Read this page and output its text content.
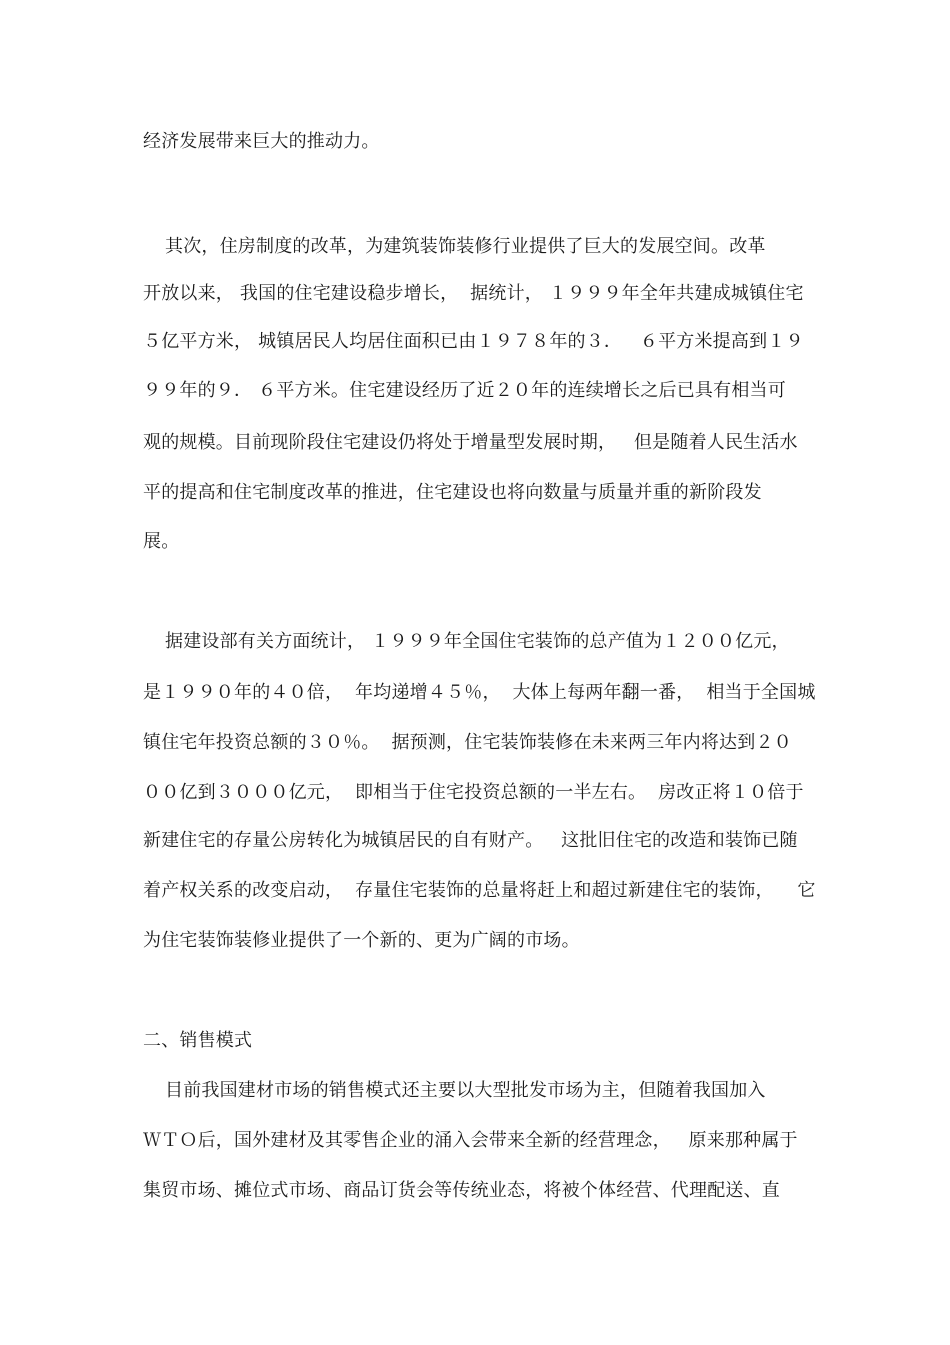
经济发展带来巨大的推动力。
其次，住房制度的改革，为建筑装饰装修行业提供了巨大的发展空间。改革
开放以来， 我国的住宅建设稳步增长，  据统计， １９９９年全年共建成城镇住宅
５亿平方米， 城镇居民人均居住面积已由１９７８年的３．   ６平方米提高到１９
９９年的９． ６平方米。住宅建设经历了近２０年的连续增长之后已具有相当可
观的规模。目前现阶段住宅建设仍将处于增量型发展时期，   但是随着人民生活水
平的提高和住宅制度改革的推进，住宅建设也将向数量与质量并重的新阶段发
展。
据建设部有关方面统计， １９９９年全国住宅装饰的总产值为１２００亿元，
是１９９０年的４０倍，  年均递增４５％，  大体上每两年翻一番，  相当于全国城
镇住宅年投资总额的３０％。  据预测，住宅装饰装修在未来两三年内将达到２０
００亿到３０００亿元，  即相当于住宅投资总额的一半左右。  房改正将１０倍于
新建住宅的存量公房转化为城镇居民的自有财产。   这批旧住宅的改造和装饰已随
着产权关系的改变启动，  存量住宅装饰的总量将赶上和超过新建住宅的装饰，    它
为住宅装饰装修业提供了一个新的、更为广阔的市场。
二、销售模式
目前我国建材市场的销售模式还主要以大型批发市场为主，但随着我国加入
ＷＴＯ后，国外建材及其零售企业的涌入会带来全新的经营理念，   原来那种属于
集贸市场、摊位式市场、商品订货会等传统业态，将被个体经营、代理配送、直
